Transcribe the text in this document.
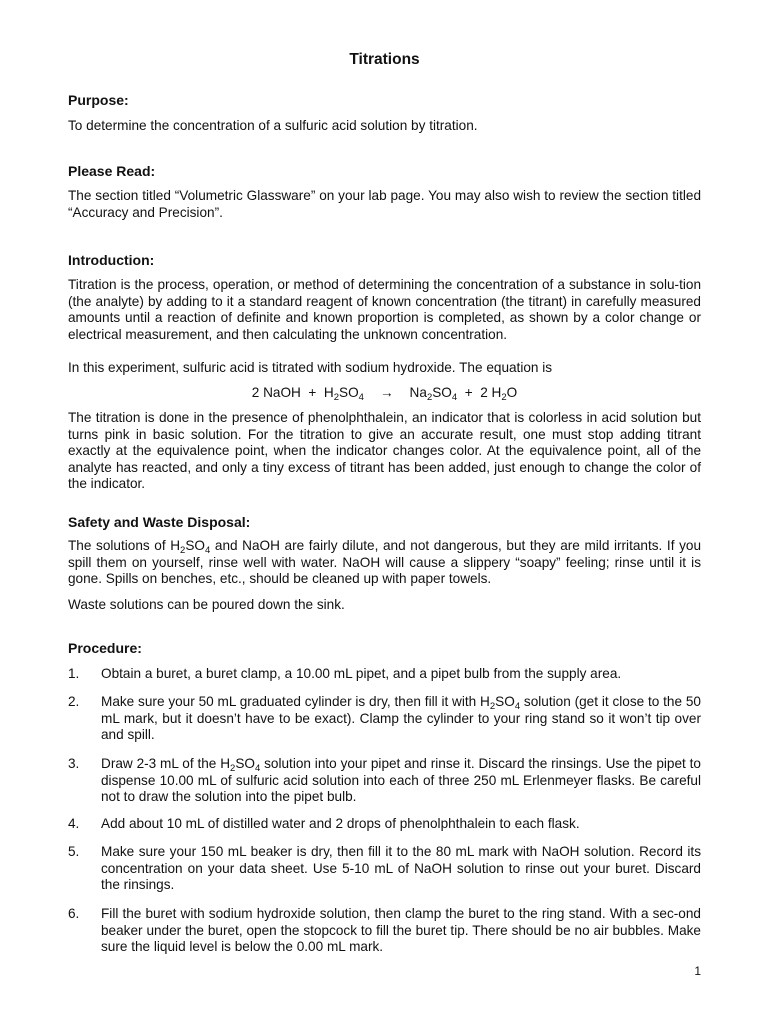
Titrations
Purpose:
To determine the concentration of a sulfuric acid solution by titration.
Please Read:
The section titled “Volumetric Glassware” on your lab page. You may also wish to review the section titled “Accuracy and Precision”.
Introduction:
Titration is the process, operation, or method of determining the concentration of a substance in solu-tion (the analyte) by adding to it a standard reagent of known concentration (the titrant) in carefully measured amounts until a reaction of definite and known proportion is completed, as shown by a color change or electrical measurement, and then calculating the unknown concentration.
In this experiment, sulfuric acid is titrated with sodium hydroxide. The equation is
2 NaOH  +  $H_2SO_4 \to Na_2SO_4 + 2$ $H_2O$
The titration is done in the presence of phenolphthalein, an indicator that is colorless in acid solution but turns pink in basic solution. For the titration to give an accurate result, one must stop adding titrant exactly at the equivalence point, when the indicator changes color. At the equivalence point, all of the analyte has reacted, and only a tiny excess of titrant has been added, just enough to change the color of the indicator.
Safety and Waste Disposal:
The solutions of $H_2SO_4$ and NaOH are fairly dilute, and not dangerous, but they are mild irritants. If you spill them on yourself, rinse well with water. NaOH will cause a slippery “soapy” feeling; rinse until it is gone. Spills on benches, etc., should be cleaned up with paper towels.
Waste solutions can be poured down the sink.
Procedure:
1.	Obtain a buret, a buret clamp, a 10.00 mL pipet, and a pipet bulb from the supply area.
2.	Make sure your 50 mL graduated cylinder is dry, then fill it with $H_2SO_4$ solution (get it close to the 50 mL mark, but it doesn’t have to be exact). Clamp the cylinder to your ring stand so it won’t tip over and spill.
3.	Draw 2-3 mL of the $H_2SO_4$ solution into your pipet and rinse it. Discard the rinsings. Use the pipet to dispense 10.00 mL of sulfuric acid solution into each of three 250 mL Erlenmeyer flasks. Be careful not to draw the solution into the pipet bulb.
4.	Add about 10 mL of distilled water and 2 drops of phenolphthalein to each flask.
5.	Make sure your 150 mL beaker is dry, then fill it to the 80 mL mark with NaOH solution. Record its concentration on your data sheet. Use 5-10 mL of NaOH solution to rinse out your buret. Discard the rinsings.
6.	Fill the buret with sodium hydroxide solution, then clamp the buret to the ring stand. With a sec-ond beaker under the buret, open the stopcock to fill the buret tip. There should be no air bubbles. Make sure the liquid level is below the 0.00 mL mark.
1
